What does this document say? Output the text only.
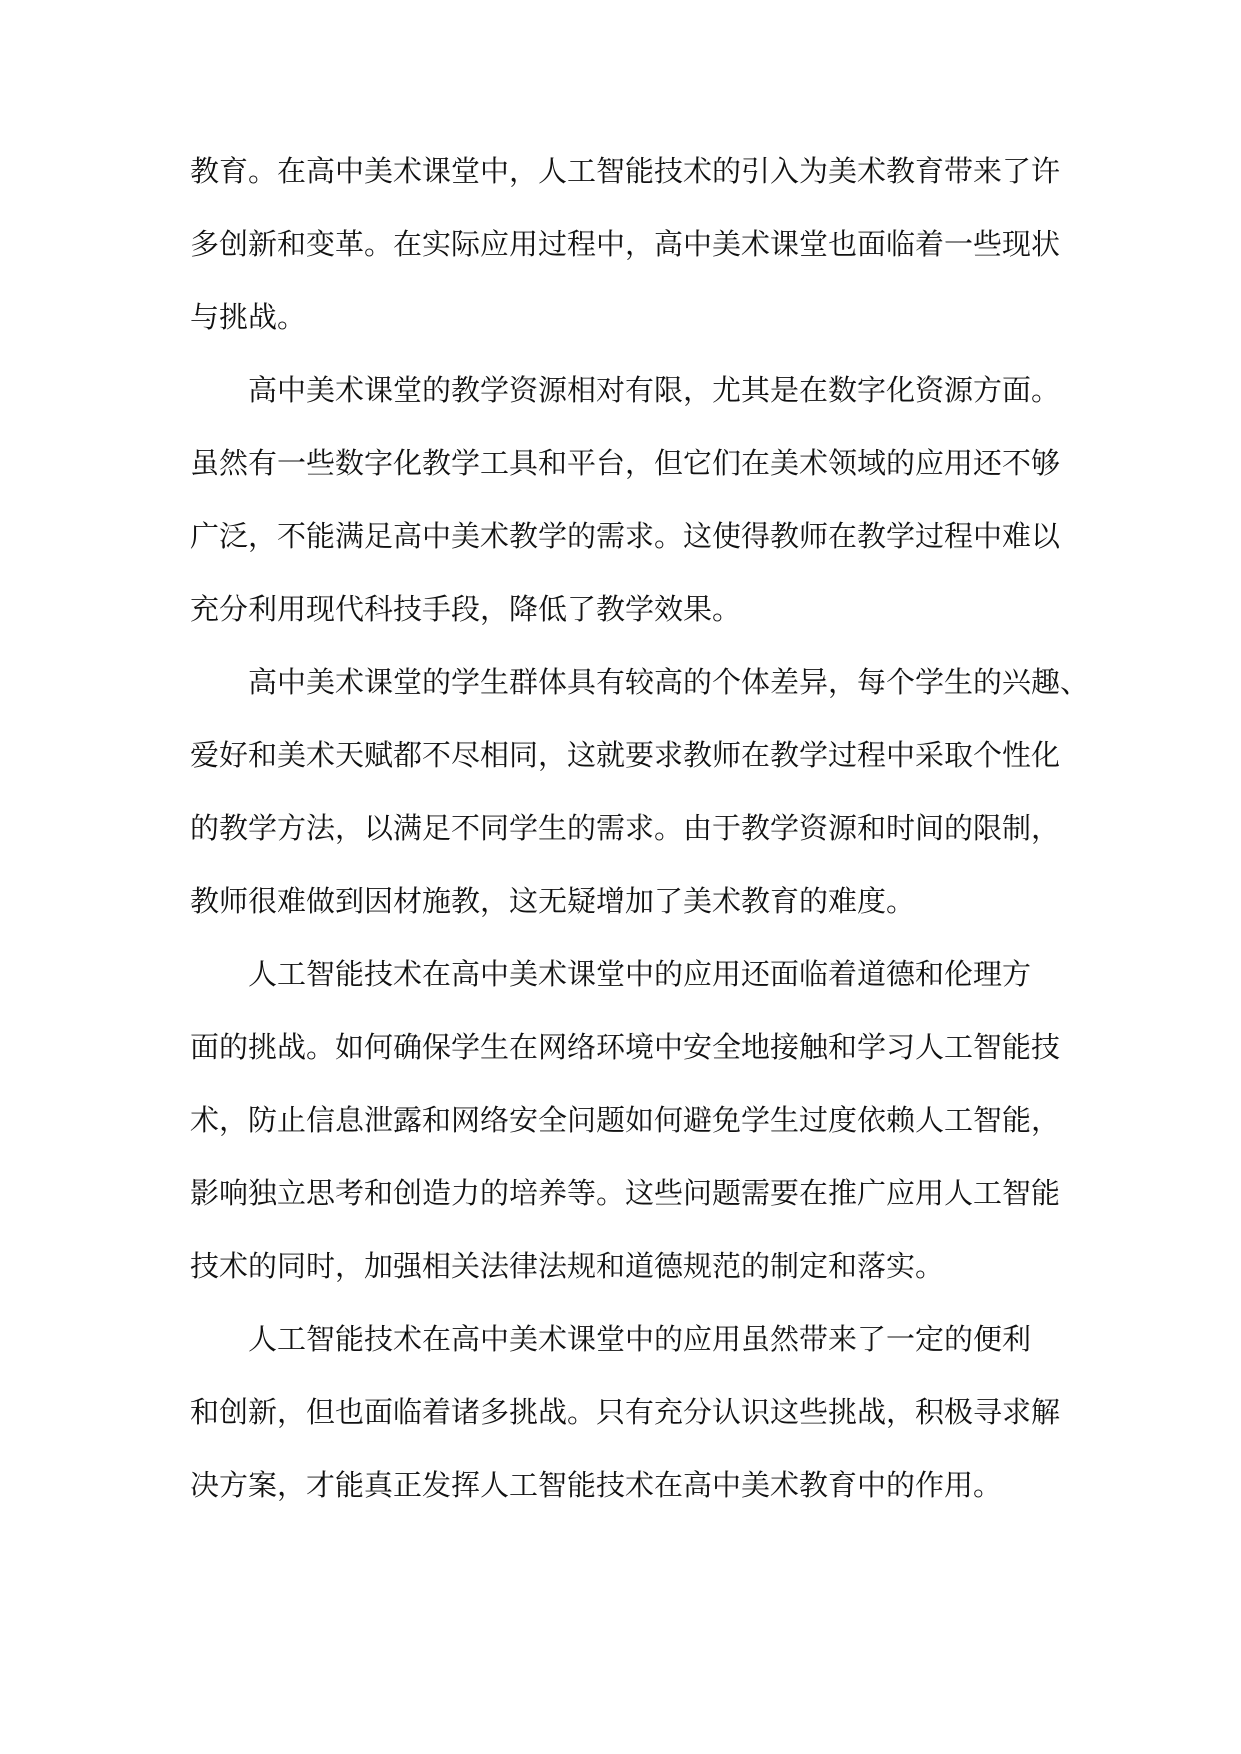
教育。在高中美术课堂中，人工智能技术的引入为美术教育带来了许
多创新和变革。在实际应用过程中，高中美术课堂也面临着一些现状
与挑战。
高中美术课堂的教学资源相对有限，尤其是在数字化资源方面。
虽然有一些数字化教学工具和平台，但它们在美术领域的应用还不够
广泛，不能满足高中美术教学的需求。这使得教师在教学过程中难以
充分利用现代科技手段，降低了教学效果。
高中美术课堂的学生群体具有较高的个体差异，每个学生的兴趣、
爱好和美术天赋都不尽相同，这就要求教师在教学过程中采取个性化
的教学方法，以满足不同学生的需求。由于教学资源和时间的限制，
教师很难做到因材施教，这无疑增加了美术教育的难度。
人工智能技术在高中美术课堂中的应用还面临着道德和伦理方
面的挑战。如何确保学生在网络环境中安全地接触和学习人工智能技
术，防止信息泄露和网络安全问题如何避免学生过度依赖人工智能，
影响独立思考和创造力的培养等。这些问题需要在推广应用人工智能
技术的同时，加强相关法律法规和道德规范的制定和落实。
人工智能技术在高中美术课堂中的应用虽然带来了一定的便利
和创新，但也面临着诸多挑战。只有充分认识这些挑战，积极寻求解
决方案，才能真正发挥人工智能技术在高中美术教育中的作用。
